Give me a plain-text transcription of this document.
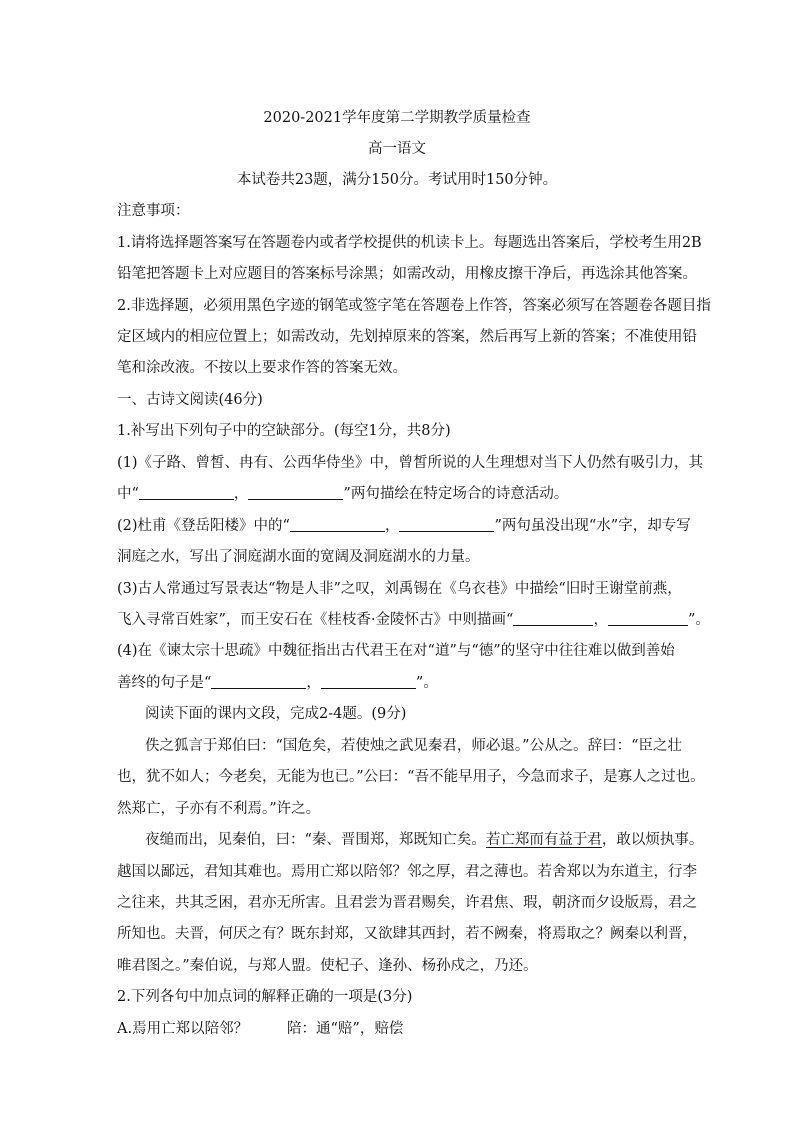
2020-2021学年度第二学期教学质量检查
高一语文
本试卷共23题，满分150分。考试用时150分钟。
注意事项：
1.请将选择题答案写在答题卷内或者学校提供的机读卡上。每题选出答案后，学校考生用2B
铅笔把答题卡上对应题目的答案标号涂黑；如需改动，用橡皮擦干净后，再选涂其他答案。
2.非选择题，必须用黑色字迹的钢笔或签字笔在答题卷上作答，答案必须写在答题卷各题目指
定区域内的相应位置上；如需改动，先划掉原来的答案，然后再写上新的答案；不准使用铅
笔和涂改液。不按以上要求作答的答案无效。
一、古诗文阅读(46分)
1.补写出下列句子中的空缺部分。(每空1分，共8分)
(1)《子路、曾皙、冉有、公西华侍坐》中，曾皙所说的人生理想对当下人仍然有吸引力，其
中“	，	”两句描绘在特定场合的诗意活动。
(2)杜甫《登岳阳楼》中的“	，	”两句虽没出现“水”字，却专写
洞庭之水，写出了洞庭湖水面的宽阔及洞庭湖水的力量。
(3)古人常通过写景表达“物是人非”之叹，刘禹锡在《乌衣巷》中描绘“旧时王谢堂前燕，
飞入寻常百姓家”，而王安石在《桂枝香·金陵怀古》中则描画“	，	”。
(4)在《谏太宗十思疏》中魏征指出古代君王在对“道”与“德”的坚守中往往难以做到善始
善终的句子是“	，	”。
阅读下面的课内文段，完成2-4题。(9分)
佚之狐言于郑伯曰：“国危矣，若使烛之武见秦君，师必退。”公从之。辞曰：“臣之壮
也，犹不如人；今老矣，无能为也已。”公曰：“吾不能早用子，今急而求子，是寡人之过也。
然郑亡，子亦有不利焉。”许之。
夜缒而出，见秦伯，曰：“秦、晋围郑，郑既知亡矣。若亡郑而有益于君，敢以烦执事。
越国以鄙远，君知其难也。焉用亡郑以陪邻？邻之厚，君之薄也。若舍郑以为东道主，行李
之往来，共其乏困，君亦无所害。且君尝为晋君赐矣，许君焦、瑕，朝济而夕设版焉，君之
所知也。夫晋，何厌之有？既东封郑，又欲肆其西封，若不阙秦，将焉取之？阙秦以利晋，
唯君图之。”秦伯说，与郑人盟。使杞子、逢孙、杨孙戍之，乃还。
2.下列各句中加点词的解释正确的一项是(3分)
A.焉用亡郑以陪邻？	陪：通“赔”，赔偿
